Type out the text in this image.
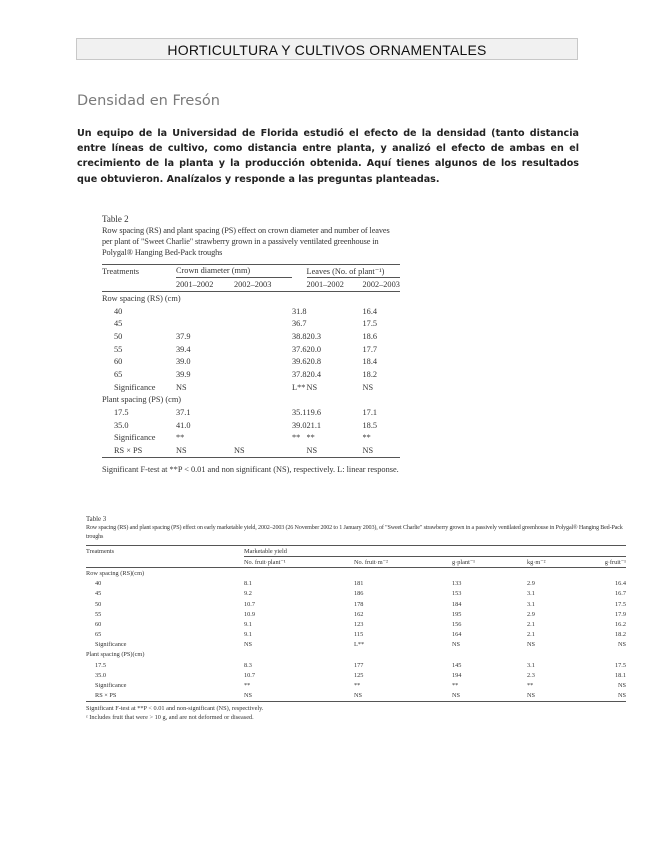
HORTICULTURA Y CULTIVOS ORNAMENTALES
Densidad en Fresón
Un equipo de la Universidad de Florida estudió el efecto de la densidad (tanto distancia entre líneas de cultivo, como distancia entre planta, y analizó el efecto de ambas en el crecimiento de la planta y la producción obtenida. Aquí tienes algunos de los resultados que obtuvieron. Analízalos y responde a las preguntas planteadas.
Table 2
Row spacing (RS) and plant spacing (PS) effect on crown diameter and number of leaves per plant of "Sweet Charlie" strawberry grown in a passively ventilated greenhouse in Polygal® Hanging Bed-Pack troughs
Treatments	Crown diameter (mm)			Leaves (No. of plant⁻¹)	
	2001–2002	2002–2003		2001–2002	2002–2003
Row spacing (RS) (cm)					
40			31.8		16.4
45			36.7		17.5
50	37.9		38.8	20.3	18.6
55	39.4		37.6	20.0	17.7
60	39.0		39.6	20.8	18.4
65	39.9		37.8	20.4	18.2
Significance	NS		L**	NS	NS
Plant spacing (PS) (cm)					
17.5	37.1		35.1	19.6	17.1
35.0	41.0		39.0	21.1	18.5
Significance	**		**	**	**
RS × PS	NS	NS		NS	NS
Significant F-test at **P < 0.01 and non significant (NS), respectively. L: linear response.
Table 3
Row spacing (RS) and plant spacing (PS) effect on early marketable yield, 2002–2003 (26 November 2002 to 1 January 2003), of "Sweet Charlie" strawberry grown in a passively ventilated greenhouse in Polygal® Hanging Bed-Pack troughs
Treatments	Marketable yield				
	No. fruit·plant⁻¹	No. fruit·m⁻²	g·plant⁻¹	kg·m⁻²	g·fruit⁻¹
Row spacing (RS)(cm)					
40	8.1	181	133	2.9	16.4
45	9.2	186	153	3.1	16.7
50	10.7	178	184	3.1	17.5
55	10.9	162	195	2.9	17.9
60	9.1	123	156	2.1	16.2
65	9.1	115	164	2.1	18.2
Significance	NS	L**	NS	NS	NS
Plant spacing (PS)(cm)					
17.5	8.3	177	145	3.1	17.5
35.0	10.7	125	194	2.3	18.1
Significance	**	**	**	**	NS
RS × PS	NS	NS	NS	NS	NS
Significant F-test at **P < 0.01 and non-significant (NS), respectively.
ᶻ Includes fruit that were > 10 g, and are not deformed or diseased.
